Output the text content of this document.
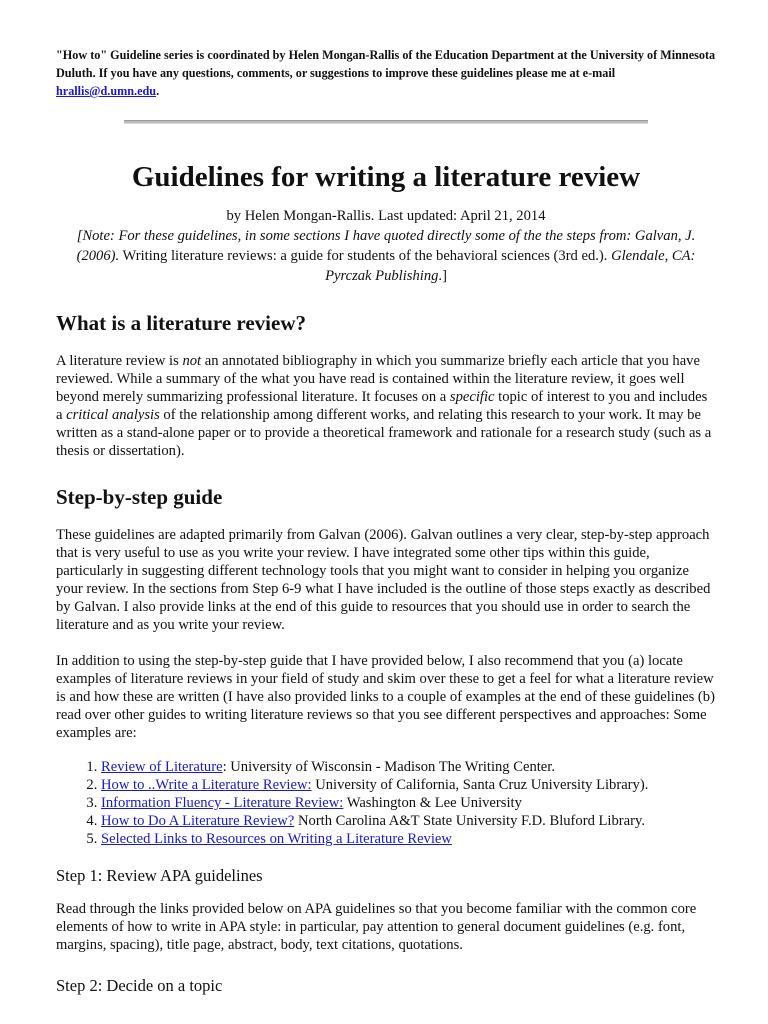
"How to" Guideline series is coordinated by Helen Mongan-Rallis of the Education Department at the University of Minnesota Duluth. If you have any questions, comments, or suggestions to improve these guidelines please me at e-mail hrallis@d.umn.edu.
Guidelines for writing a literature review
by Helen Mongan-Rallis. Last updated: April 21, 2014
[Note: For these guidelines, in some sections I have quoted directly some of the the steps from: Galvan, J. (2006). Writing literature reviews: a guide for students of the behavioral sciences (3rd ed.). Glendale, CA: Pyrczak Publishing.]
What is a literature review?

A literature review is not an annotated bibliography in which you summarize briefly each article that you have reviewed. While a summary of the what you have read is contained within the literature review, it goes well beyond merely summarizing professional literature. It focuses on a specific topic of interest to you and includes a critical analysis of the relationship among different works, and relating this research to your work. It may be written as a stand-alone paper or to provide a theoretical framework and rationale for a research study (such as a thesis or dissertation).

Step-by-step guide

These guidelines are adapted primarily from Galvan (2006). Galvan outlines a very clear, step-by-step approach that is very useful to use as you write your review. I have integrated some other tips within this guide, particularly in suggesting different technology tools that you might want to consider in helping you organize your review. In the sections from Step 6-9 what I have included is the outline of those steps exactly as described by Galvan. I also provide links at the end of this guide to resources that you should use in order to search the literature and as you write your review.

In addition to using the step-by-step guide that I have provided below, I also recommend that you (a) locate examples of literature reviews in your field of study and skim over these to get a feel for what a literature review is and how these are written (I have also provided links to a couple of examples at the end of these guidelines (b) read over other guides to writing literature reviews so that you see different perspectives and approaches: Some examples are:

1. Review of Literature: University of Wisconsin - Madison The Writing Center.
2. How to ..Write a Literature Review: University of California, Santa Cruz University Library).
3. Information Fluency - Literature Review: Washington & Lee University
4. How to Do A Literature Review? North Carolina A&T State University F.D. Bluford Library.
5. Selected Links to Resources on Writing a Literature Review
Step 1: Review APA guidelines

Read through the links provided below on APA guidelines so that you become familiar with the common core elements of how to write in APA style: in particular, pay attention to general document guidelines (e.g. font, margins, spacing), title page, abstract, body, text citations, quotations.

Step 2: Decide on a topic
